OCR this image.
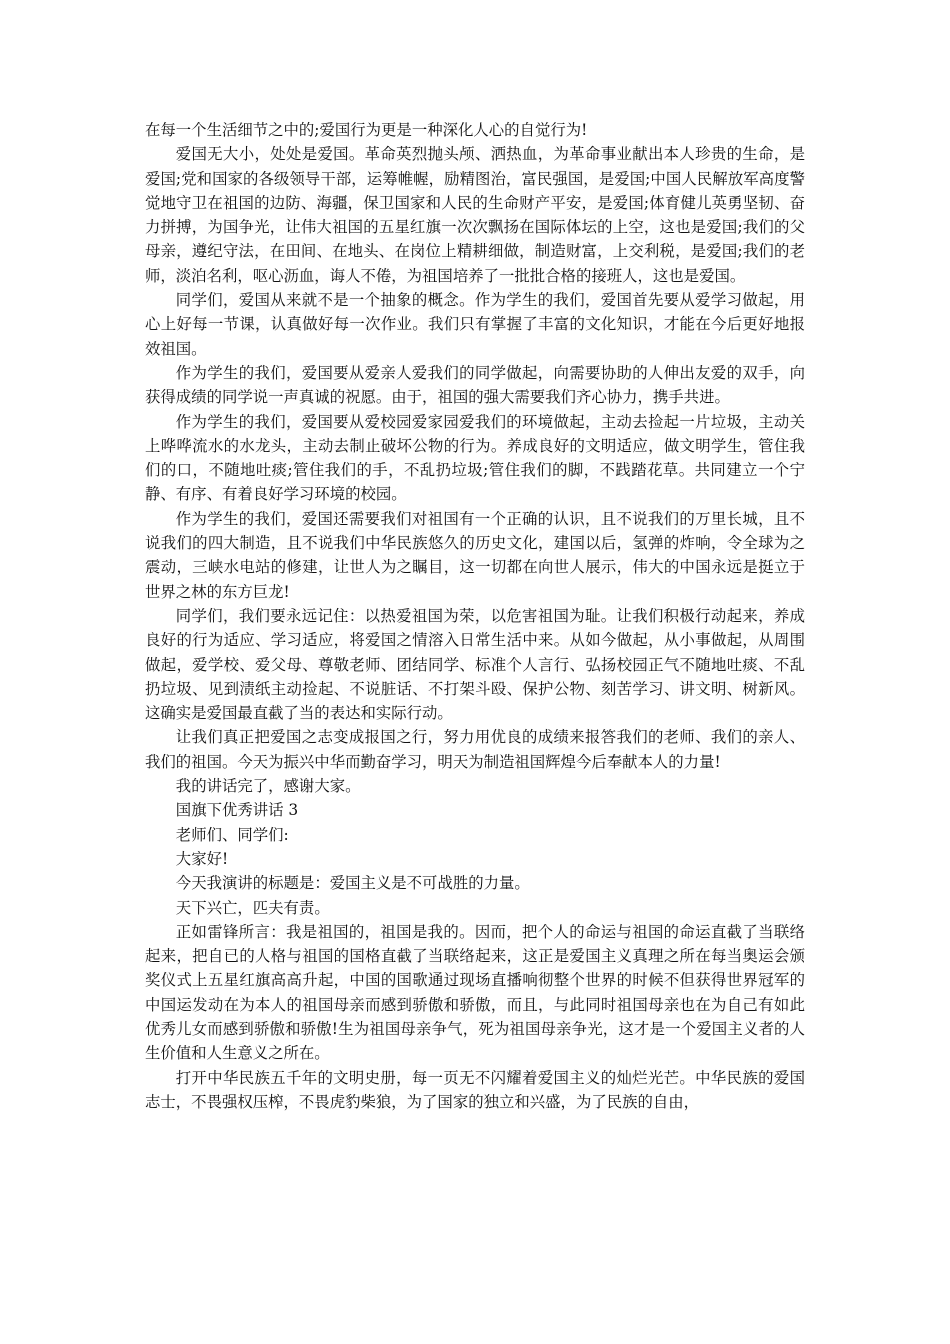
在每一个生活细节之中的;爱国行为更是一种深化人心的自觉行为!

爱国无大小，处处是爱国。革命英烈抛头颅、洒热血，为革命事业献出本人珍贵的生命，是爱国;党和国家的各级领导干部，运筹帷幄，励精图治，富民强国，是爱国;中国人民解放军高度警觉地守卫在祖国的边防、海疆，保卫国家和人民的生命财产平安，是爱国;体育健儿英勇坚韧、奋力拼搏，为国争光，让伟大祖国的五星红旗一次次飘扬在国际体坛的上空，这也是爱国;我们的父母亲，遵纪守法，在田间、在地头、在岗位上精耕细做，制造财富，上交利税，是爱国;我们的老师，淡泊名利，呕心沥血，诲人不倦，为祖国培养了一批批合格的接班人，这也是爱国。

同学们，爱国从来就不是一个抽象的概念。作为学生的我们，爱国首先要从爱学习做起，用心上好每一节课，认真做好每一次作业。我们只有掌握了丰富的文化知识，才能在今后更好地报效祖国。

作为学生的我们，爱国要从爱亲人爱我们的同学做起，向需要协助的人伸出友爱的双手，向获得成绩的同学说一声真诚的祝愿。由于，祖国的强大需要我们齐心协力，携手共进。

作为学生的我们，爱国要从爱校园爱家园爱我们的环境做起，主动去捡起一片垃圾，主动关上哗哗流水的水龙头，主动去制止破坏公物的行为。养成良好的文明适应，做文明学生，管住我们的口，不随地吐痰;管住我们的手，不乱扔垃圾;管住我们的脚，不践踏花草。共同建立一个宁静、有序、有着良好学习环境的校园。

作为学生的我们，爱国还需要我们对祖国有一个正确的认识，且不说我们的万里长城，且不说我们的四大制造，且不说我们中华民族悠久的历史文化，建国以后，氢弹的炸响，令全球为之震动，三峡水电站的修建，让世人为之瞩目，这一切都在向世人展示，伟大的中国永远是挺立于世界之林的东方巨龙!

同学们，我们要永远记住：以热爱祖国为荣，以危害祖国为耻。让我们积极行动起来，养成良好的行为适应、学习适应，将爱国之情溶入日常生活中来。从如今做起，从小事做起，从周围做起，爱学校、爱父母、尊敬老师、团结同学、标准个人言行、弘扬校园正气不随地吐痰、不乱扔垃圾、见到渍纸主动捡起、不说脏话、不打架斗殴、保护公物、刻苦学习、讲文明、树新风。这确实是爱国最直截了当的表达和实际行动。

让我们真正把爱国之志变成报国之行，努力用优良的成绩来报答我们的老师、我们的亲人、我们的祖国。今天为振兴中华而勤奋学习，明天为制造祖国辉煌今后奉献本人的力量!

我的讲话完了，感谢大家。

国旗下优秀讲话 3

老师们、同学们:

大家好!

今天我演讲的标题是：爱国主义是不可战胜的力量。

天下兴亡，匹夫有责。

正如雷锋所言：我是祖国的，祖国是我的。因而，把个人的命运与祖国的命运直截了当联络起来，把自已的人格与祖国的国格直截了当联络起来，这正是爱国主义真理之所在每当奥运会颁奖仪式上五星红旗高高升起，中国的国歌通过现场直播响彻整个世界的时候不但获得世界冠军的中国运发动在为本人的祖国母亲而感到骄傲和骄傲，而且，与此同时祖国母亲也在为自己有如此优秀儿女而感到骄傲和骄傲!生为祖国母亲争气，死为祖国母亲争光，这才是一个爱国主义者的人生价值和人生意义之所在。

打开中华民族五千年的文明史册，每一页无不闪耀着爱国主义的灿烂光芒。中华民族的爱国志士，不畏强权压榨，不畏虎豹柴狼，为了国家的独立和兴盛，为了民族的自由，
